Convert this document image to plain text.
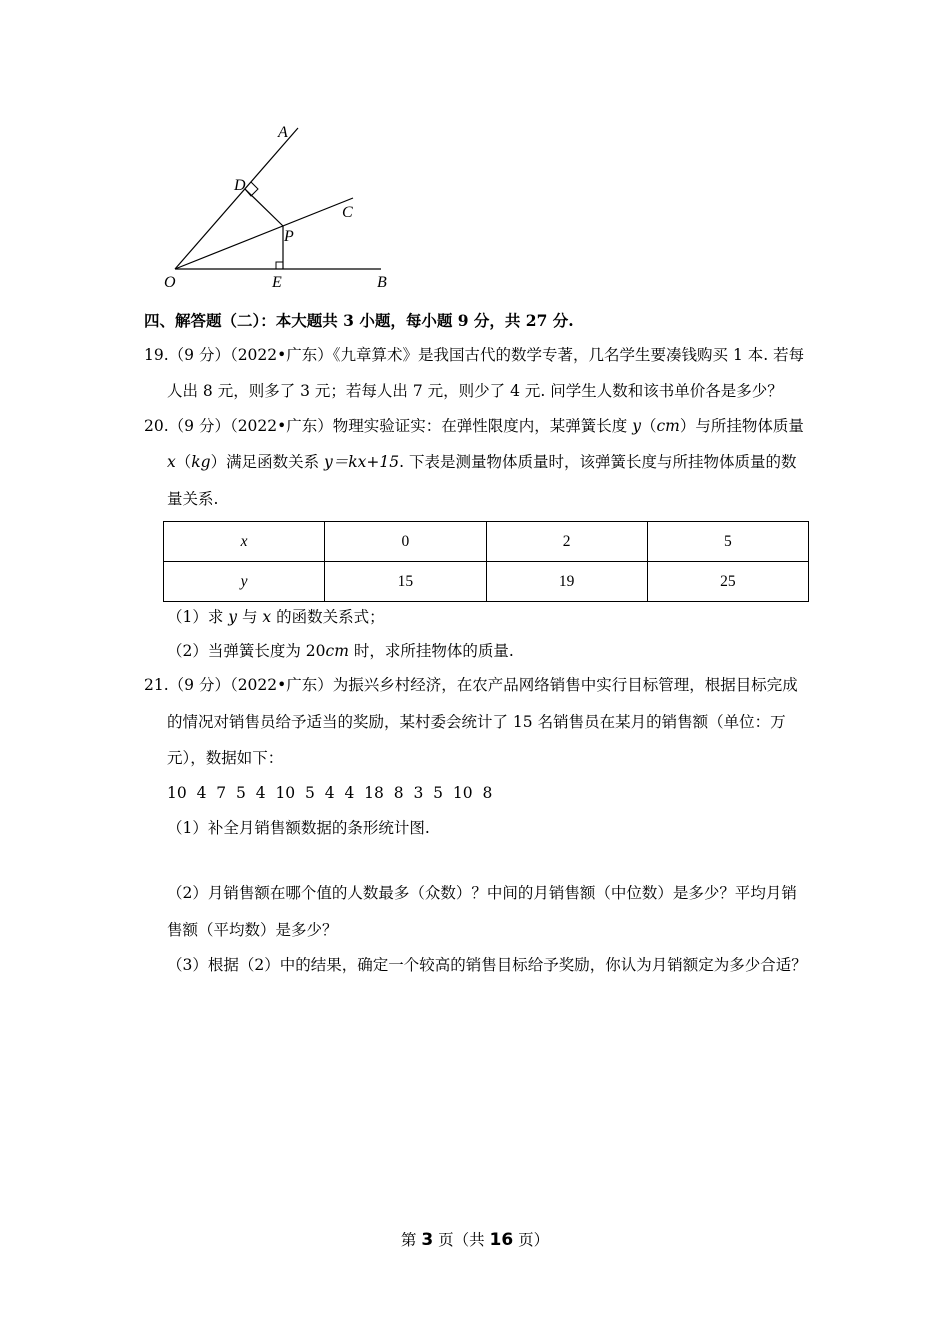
A
D
C
P
O	E	B
四、解答题（二）：本大题共 3 小题，每小题 9 分，共 27 分.
19.（9 分）（2022•广东）《九章算术》是我国古代的数学专著，几名学生要凑钱购买 1 本. 若每
人出 8 元，则多了 3 元；若每人出 7 元，则少了 4 元. 问学生人数和该书单价各是多少？
20.（9 分）（2022•广东）物理实验证实：在弹性限度内，某弹簧长度 y（cm）与所挂物体质量
x（kg）满足函数关系 y＝kx+15. 下表是测量物体质量时，该弹簧长度与所挂物体质量的数
量关系.
x	0	2	5
y	15	19	25
（1）求 y 与 x 的函数关系式；
（2）当弹簧长度为 20cm 时，求所挂物体的质量.
21.（9 分）（2022•广东）为振兴乡村经济，在农产品网络销售中实行目标管理，根据目标完成
的情况对销售员给予适当的奖励，某村委会统计了 15 名销售员在某月的销售额（单位：万
元），数据如下：
10  4  7  5  4  10  5  4  4  18  8  3  5  10  8
（1）补全月销售额数据的条形统计图.
（2）月销售额在哪个值的人数最多（众数）？中间的月销售额（中位数）是多少？平均月销
售额（平均数）是多少？
（3）根据（2）中的结果，确定一个较高的销售目标给予奖励，你认为月销额定为多少合适？
第 3 页（共 16 页）
